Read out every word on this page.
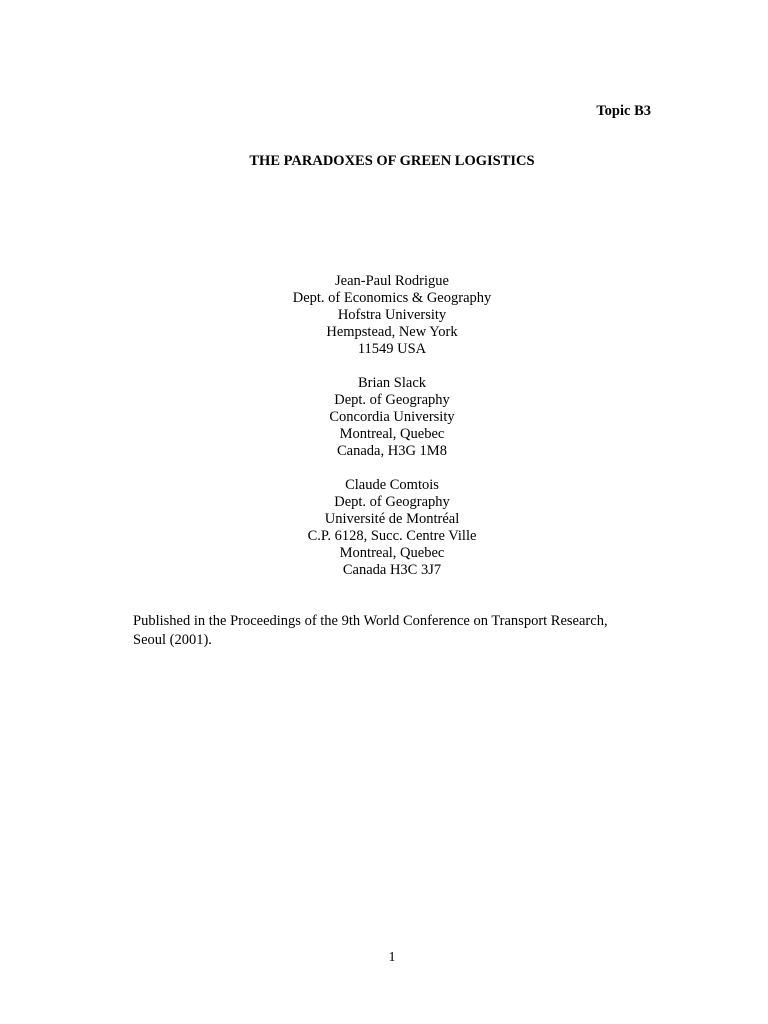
Topic B3
THE PARADOXES OF GREEN LOGISTICS
Jean-Paul Rodrigue
Dept. of Economics & Geography
Hofstra University
Hempstead, New York
11549 USA
Brian Slack
Dept. of Geography
Concordia University
Montreal, Quebec
Canada, H3G 1M8
Claude Comtois
Dept. of Geography
Université de Montréal
C.P. 6128, Succ. Centre Ville
Montreal, Quebec
Canada H3C 3J7
Published in the Proceedings of the 9th World Conference on Transport Research, Seoul (2001).
1
